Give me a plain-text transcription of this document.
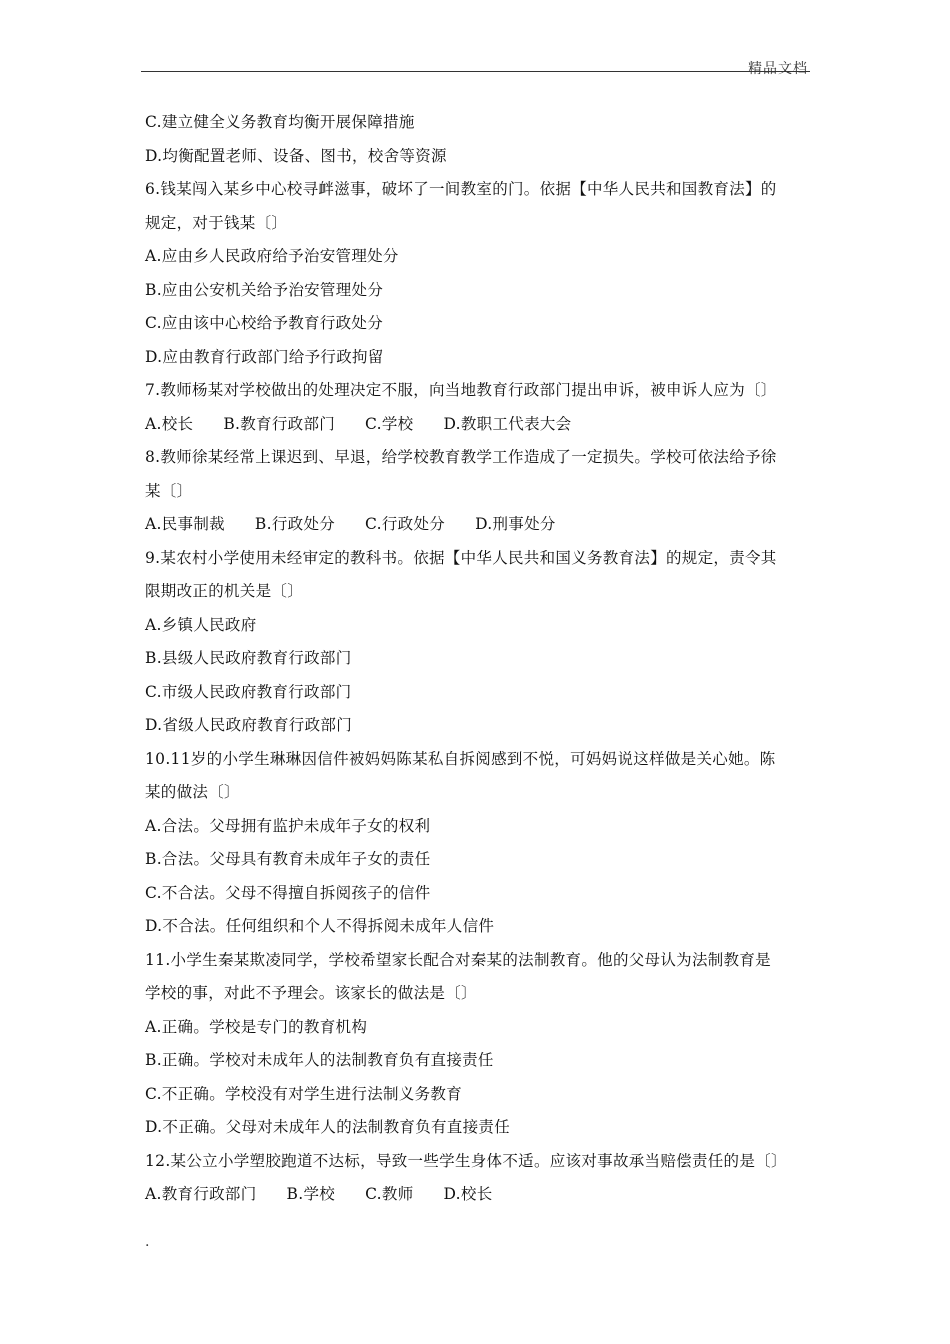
精品文档
C.建立健全义务教育均衡开展保障措施
D.均衡配置老师、设备、图书，校舍等资源
6.钱某闯入某乡中心校寻衅滋事，破坏了一间教室的门。依据【中华人民共和国教育法】的
规定，对于钱某〔〕
A.应由乡人民政府给予治安管理处分
B.应由公安机关给予治安管理处分
C.应由该中心校给予教育行政处分
D.应由教育行政部门给予行政拘留
7.教师杨某对学校做出的处理决定不服，向当地教育行政部门提出申诉，被申诉人应为〔〕
A.校长 B.教育行政部门 C.学校 D.教职工代表大会
8.教师徐某经常上课迟到、早退，给学校教育教学工作造成了一定损失。学校可依法给予徐
某〔〕
A.民事制裁 B.行政处分 C.行政处分 D.刑事处分
9.某农村小学使用未经审定的教科书。依据【中华人民共和国义务教育法】的规定，责令其
限期改正的机关是〔〕
A.乡镇人民政府
B.县级人民政府教育行政部门
C.市级人民政府教育行政部门
D.省级人民政府教育行政部门
10.11岁的小学生琳琳因信件被妈妈陈某私自拆阅感到不悦，可妈妈说这样做是关心她。陈
某的做法〔〕
A.合法。父母拥有监护未成年子女的权利
B.合法。父母具有教育未成年子女的责任
C.不合法。父母不得擅自拆阅孩子的信件
D.不合法。任何组织和个人不得拆阅未成年人信件
11.小学生秦某欺凌同学，学校希望家长配合对秦某的法制教育。他的父母认为法制教育是
学校的事，对此不予理会。该家长的做法是〔〕
A.正确。学校是专门的教育机构
B.正确。学校对未成年人的法制教育负有直接责任
C.不正确。学校没有对学生进行法制义务教育
D.不正确。父母对未成年人的法制教育负有直接责任
12.某公立小学塑胶跑道不达标，导致一些学生身体不适。应该对事故承当赔偿责任的是〔〕
A.教育行政部门 B.学校 C.教师 D.校长
.
